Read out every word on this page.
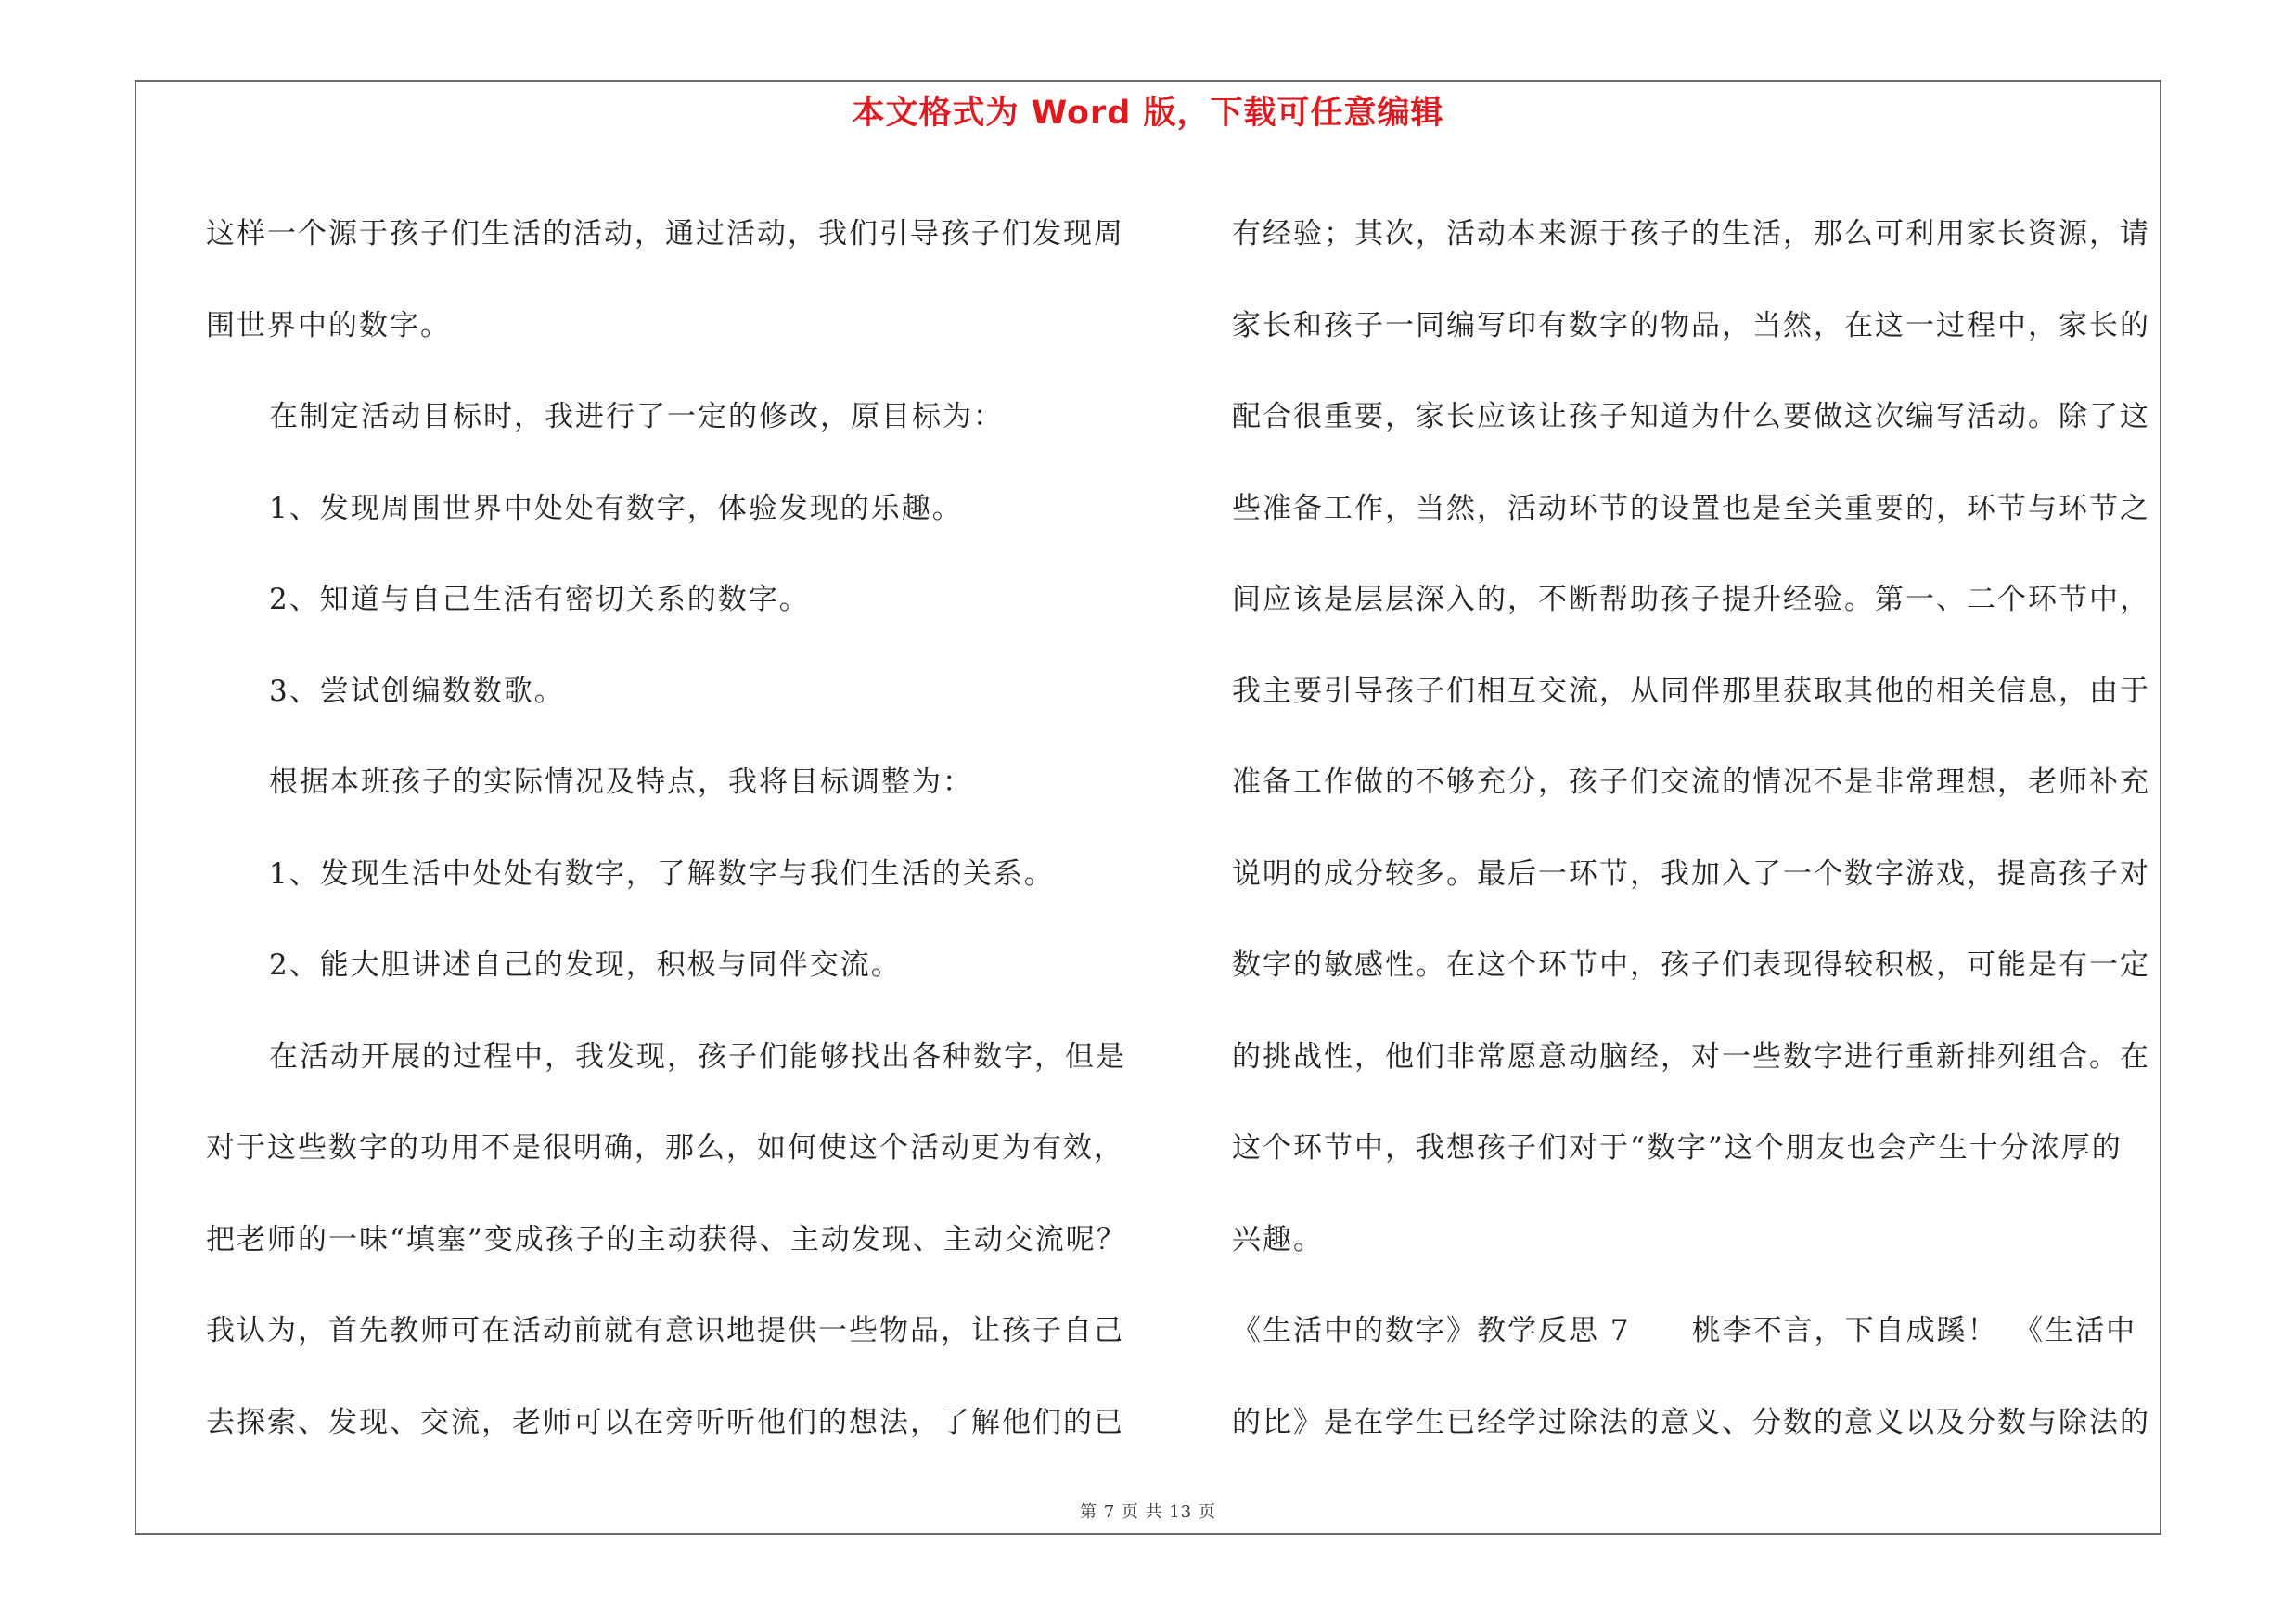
本文格式为 Word 版，下载可任意编辑
这样一个源于孩子们生活的活动，通过活动，我们引导孩子们发现周
围世界中的数字。
在制定活动目标时，我进行了一定的修改，原目标为：
1、发现周围世界中处处有数字，体验发现的乐趣。
2、知道与自己生活有密切关系的数字。
3、尝试创编数数歌。
根据本班孩子的实际情况及特点，我将目标调整为：
1、发现生活中处处有数字，了解数字与我们生活的关系。
2、能大胆讲述自己的发现，积极与同伴交流。
在活动开展的过程中，我发现，孩子们能够找出各种数字，但是
对于这些数字的功用不是很明确，那么，如何使这个活动更为有效，
把老师的一味“填塞”变成孩子的主动获得、主动发现、主动交流呢？
我认为，首先教师可在活动前就有意识地提供一些物品，让孩子自己
去探索、发现、交流，老师可以在旁听听他们的想法，了解他们的已
有经验；其次，活动本来源于孩子的生活，那么可利用家长资源，请
家长和孩子一同编写印有数字的物品，当然，在这一过程中，家长的
配合很重要，家长应该让孩子知道为什么要做这次编写活动。除了这
些准备工作，当然，活动环节的设置也是至关重要的，环节与环节之
间应该是层层深入的，不断帮助孩子提升经验。第一、二个环节中，
我主要引导孩子们相互交流，从同伴那里获取其他的相关信息，由于
准备工作做的不够充分，孩子们交流的情况不是非常理想，老师补充
说明的成分较多。最后一环节，我加入了一个数字游戏，提高孩子对
数字的敏感性。在这个环节中，孩子们表现得较积极，可能是有一定
的挑战性，他们非常愿意动脑经，对一些数字进行重新排列组合。在
这个环节中，我想孩子们对于“数字”这个朋友也会产生十分浓厚的
兴趣。
《生活中的数字》教学反思 7　　桃李不言，下自成蹊！　《生活中
的比》是在学生已经学过除法的意义、分数的意义以及分数与除法的
第 7 页 共 13 页
